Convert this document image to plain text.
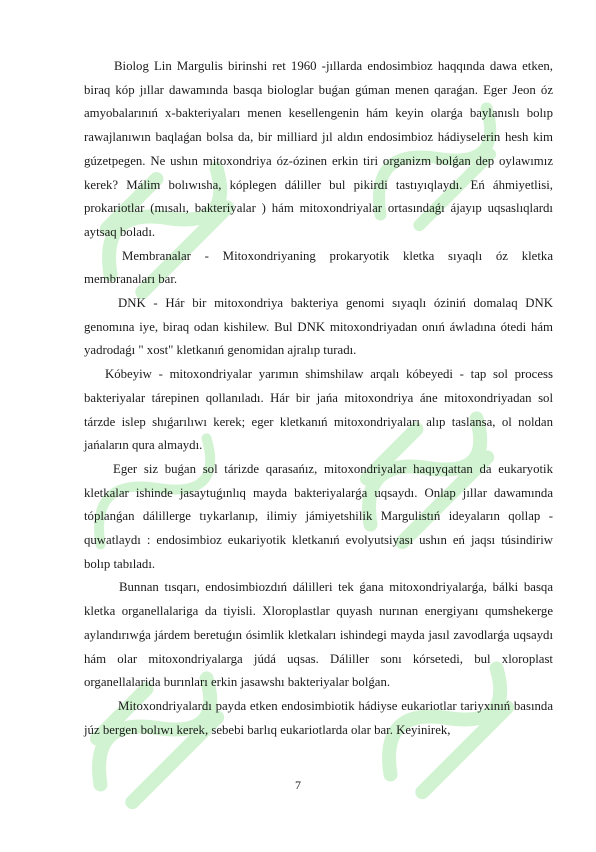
Biolog Lin Margulis birinshi ret 1960 -jıllarda endosimbioz haqqında dawa etken, biraq kóp jıllar dawamında basqa biologlar buǵan gúman menen qaraǵan. Eger Jeon óz amyobalarınıń x-bakteriyaları menen kesellengenin hám keyin olarǵa baylanıslı bolıp rawajlanıwın baqlaǵan bolsa da, bir milliard jıl aldın endosimbioz hádiyselerin hesh kim gúzetpegen. Ne ushın mitoxondriya óz-ózinen erkin tiri organizm bolǵan dep oylawımız kerek? Málim bolıwısha, kóplegen dáliller bul pikirdi tastıyıqlaydı. Eń áhmiyetlisi, prokariotlar (mısalı, bakteriyalar ) hám mitoxondriyalar ortasındaǵı ájayıp uqsaslıqlardı aytsaq boladı.

Membranalar - Mitoxondriyaning prokaryotik kletka sıyaqlı óz kletka membranaları bar.

DNK - Hár bir mitoxondriya bakteriya genomi sıyaqlı óziniń domalaq DNK genomına iye, biraq odan kishilew. Bul DNK mitoxondriyadan onıń áwladına ótedi hám yadrodaǵı " xost" kletkanıń genomidan ajralıp turadı.

Kóbeyiw - mitoxondriyalar yarımın shimshilaw arqalı kóbeyedi - tap sol process bakteriyalar tárepinen qollanıladı. Hár bir jańa mitoxondriya áne mitoxondriyadan sol tárzde islep shıǵarılıwı kerek; eger kletkanıń mitoxondriyaları alıp taslansa, ol noldan jańaların qura almaydı.

Eger siz buǵan sol tárizde qarasańız, mitoxondriyalar haqıyqattan da eukaryotik kletkalar ishinde jasaytuǵınlıq mayda bakteriyalarǵa uqsaydı. Onlap jıllar dawamında tóplanǵan dálillerge tıykarlanıp, ilimiy jámiyetshilik Margulistıń ideyaların qollap -quwatlaydı : endosimbioz eukariyotik kletkanıń evolyutsiyası ushın eń jaqsı túsindiriw bolıp tabıladı.

Bunnan tısqarı, endosimbiozdıń dálilleri tek ǵana mitoxondriyalarǵa, bálki basqa kletka organellalariga da tiyisli. Xloroplastlar quyash nurınan energiyanı qumshekerge aylandırıwǵa járdem beretuǵın ósimlik kletkaları ishindegi mayda jasıl zavodlarǵa uqsaydı hám olar mitoxondriyalarga júdá uqsas. Dáliller sonı kórsetedi, bul xloroplast organellalarida burınları erkin jasawshı bakteriyalar bolǵan.

Mitoxondriyalardı payda etken endosimbiotik hádiyse eukariotlar tariyxınıń basında júz bergen bolıwı kerek, sebebi barlıq eukariotlarda olar bar. Keyinirek,

7
